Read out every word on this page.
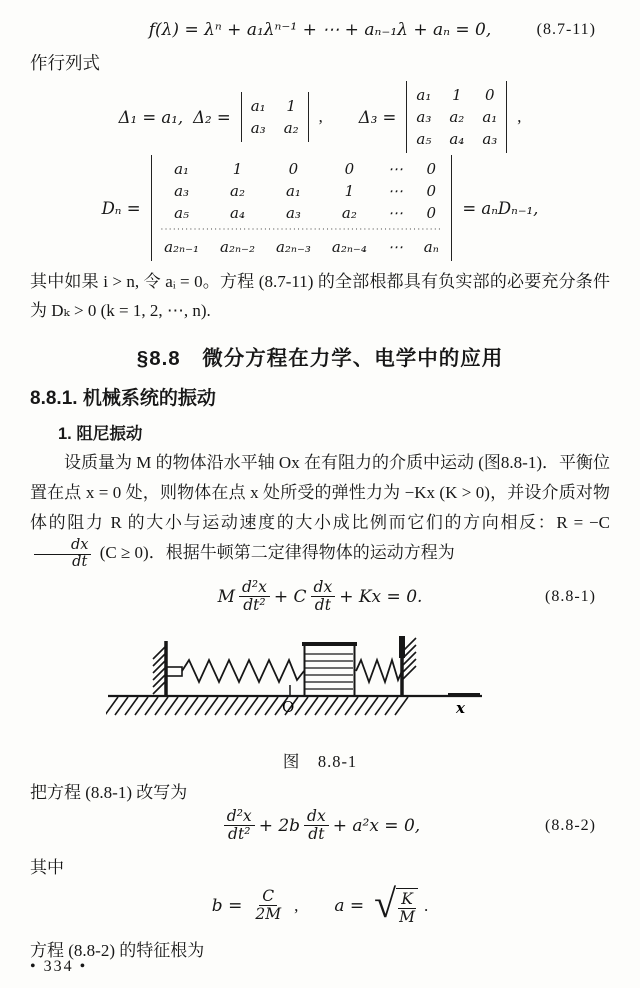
f(λ) = λⁿ + a₁λⁿ⁻¹ + ⋯ + aₙ₋₁λ + aₙ = 0,	(8.7-11)
作行列式
Δ₁ = a₁, Δ₂ =
a₁ 1
a₃ a₂
, Δ₃ =
a₁ 1 0
a₃ a₂ a₁
a₅ a₄ a₃
,
Dₙ =
a₁	1	0	0	⋯	0
a₃	a₂	a₁	1	⋯	0
a₅	a₄	a₃	a₂	⋯	0
····································································
a₂ₙ₋₁ a₂ₙ₋₂ a₂ₙ₋₃ a₂ₙ₋₄ ⋯ aₙ
= aₙDₙ₋₁,

其中如果 i > n, 令 aᵢ = 0。方程 (8.7-11) 的全部根都具有负实部的必要充分条件为 Dₖ > 0 (k = 1, 2, ⋯, n).

§8.8　微分方程在力学、电学中的应用
8.8.1. 机械系统的振动
1. 阻尼振动

设质量为 M 的物体沿水平轴 Ox 在有阻力的介质中运动 (图8.8-1)．平衡位置在点 x = 0 处，则物体在点 x 处所受的弹性力为 −Kx (K > 0)，并设介质对物体的阻力 R 的大小与运动速度的大小成比例而它们的方向相反：R = −C
$\frac{dx}{dt} (C \ge 0)$．根据牛顿第二定律得物体的运动方程为

M $\frac{\text{d²x}}{\text{dt²}} + C \frac{dx}{dt} + Kx = 0$.	(8.8-1)
O	x
图　8.8-1
把方程 (8.8-1) 改写为
$\frac{\text{d²x}}{\text{dt²}} + 2b \frac{dx}{dt} + a^2x = 0$,	(8.8-2)
其中
$b = \frac{C}{2M}$ , a = √ $\frac{K}{M}$ .
方程 (8.8-2) 的特征根为
• 334 •
